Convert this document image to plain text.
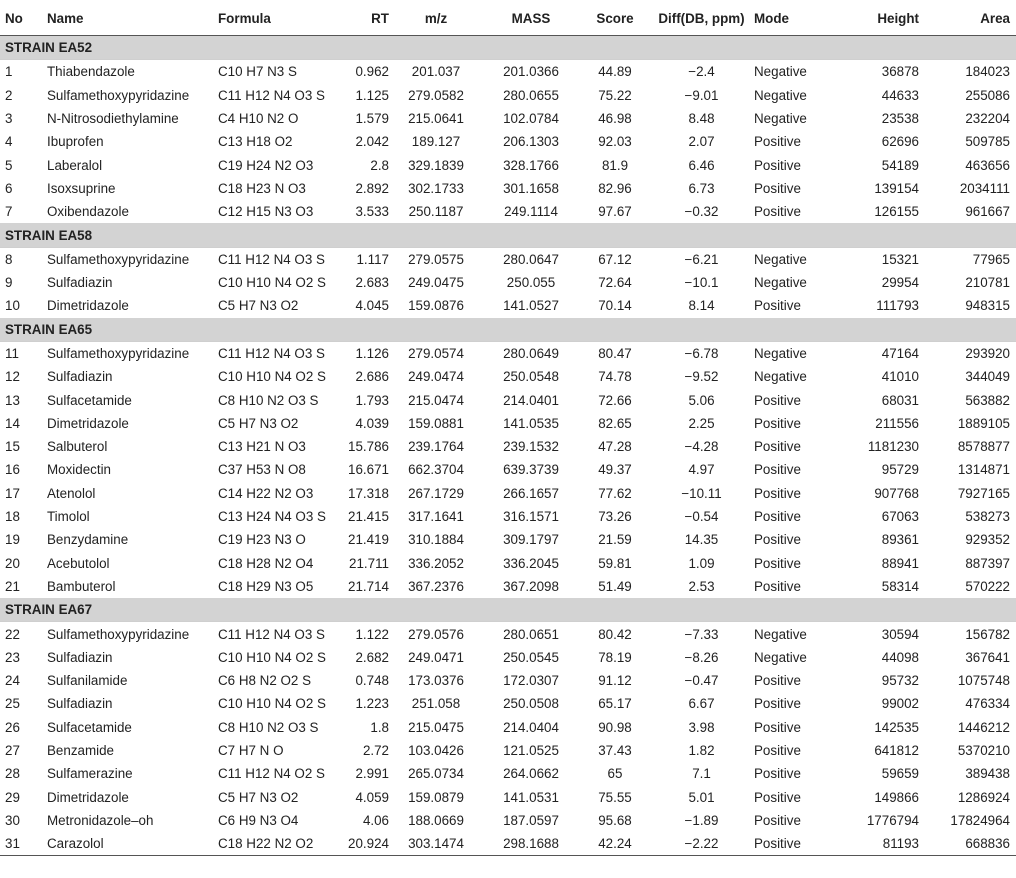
No	Name	Formula	RT	m/z	MASS	Score	Diff(DB, ppm)	Mode	Height	Area
STRAIN EA52										
1	Thiabendazole	C10 H7 N3 S	0.962	201.037	201.0366	44.89	−2.4	Negative	36878	184023
2	Sulfamethoxypyridazine	C11 H12 N4 O3 S	1.125	279.0582	280.0655	75.22	−9.01	Negative	44633	255086
3	N-Nitrosodiethylamine	C4 H10 N2 O	1.579	215.0641	102.0784	46.98	8.48	Negative	23538	232204
4	Ibuprofen	C13 H18 O2	2.042	189.127	206.1303	92.03	2.07	Positive	62696	509785
5	Laberalol	C19 H24 N2 O3	2.8	329.1839	328.1766	81.9	6.46	Positive	54189	463656
6	Isoxsuprine	C18 H23 N O3	2.892	302.1733	301.1658	82.96	6.73	Positive	139154	2034111
7	Oxibendazole	C12 H15 N3 O3	3.533	250.1187	249.1114	97.67	−0.32	Positive	126155	961667
STRAIN EA58										
8	Sulfamethoxypyridazine	C11 H12 N4 O3 S	1.117	279.0575	280.0647	67.12	−6.21	Negative	15321	77965
9	Sulfadiazin	C10 H10 N4 O2 S	2.683	249.0475	250.055	72.64	−10.1	Negative	29954	210781
10	Dimetridazole	C5 H7 N3 O2	4.045	159.0876	141.0527	70.14	8.14	Positive	111793	948315
STRAIN EA65										
11	Sulfamethoxypyridazine	C11 H12 N4 O3 S	1.126	279.0574	280.0649	80.47	−6.78	Negative	47164	293920
12	Sulfadiazin	C10 H10 N4 O2 S	2.686	249.0474	250.0548	74.78	−9.52	Negative	41010	344049
13	Sulfacetamide	C8 H10 N2 O3 S	1.793	215.0474	214.0401	72.66	5.06	Positive	68031	563882
14	Dimetridazole	C5 H7 N3 O2	4.039	159.0881	141.0535	82.65	2.25	Positive	211556	1889105
15	Salbuterol	C13 H21 N O3	15.786	239.1764	239.1532	47.28	−4.28	Positive	1181230	8578877
16	Moxidectin	C37 H53 N O8	16.671	662.3704	639.3739	49.37	4.97	Positive	95729	1314871
17	Atenolol	C14 H22 N2 O3	17.318	267.1729	266.1657	77.62	−10.11	Positive	907768	7927165
18	Timolol	C13 H24 N4 O3 S	21.415	317.1641	316.1571	73.26	−0.54	Positive	67063	538273
19	Benzydamine	C19 H23 N3 O	21.419	310.1884	309.1797	21.59	14.35	Positive	89361	929352
20	Acebutolol	C18 H28 N2 O4	21.711	336.2052	336.2045	59.81	1.09	Positive	88941	887397
21	Bambuterol	C18 H29 N3 O5	21.714	367.2376	367.2098	51.49	2.53	Positive	58314	570222
STRAIN EA67										
22	Sulfamethoxypyridazine	C11 H12 N4 O3 S	1.122	279.0576	280.0651	80.42	−7.33	Negative	30594	156782
23	Sulfadiazin	C10 H10 N4 O2 S	2.682	249.0471	250.0545	78.19	−8.26	Negative	44098	367641
24	Sulfanilamide	C6 H8 N2 O2 S	0.748	173.0376	172.0307	91.12	−0.47	Positive	95732	1075748
25	Sulfadiazin	C10 H10 N4 O2 S	1.223	251.058	250.0508	65.17	6.67	Positive	99002	476334
26	Sulfacetamide	C8 H10 N2 O3 S	1.8	215.0475	214.0404	90.98	3.98	Positive	142535	1446212
27	Benzamide	C7 H7 N O	2.72	103.0426	121.0525	37.43	1.82	Positive	641812	5370210
28	Sulfamerazine	C11 H12 N4 O2 S	2.991	265.0734	264.0662	65	7.1	Positive	59659	389438
29	Dimetridazole	C5 H7 N3 O2	4.059	159.0879	141.0531	75.55	5.01	Positive	149866	1286924
30	Metronidazole–oh	C6 H9 N3 O4	4.06	188.0669	187.0597	95.68	−1.89	Positive	1776794	17824964
31	Carazolol	C18 H22 N2 O2	20.924	303.1474	298.1688	42.24	−2.22	Positive	81193	668836
